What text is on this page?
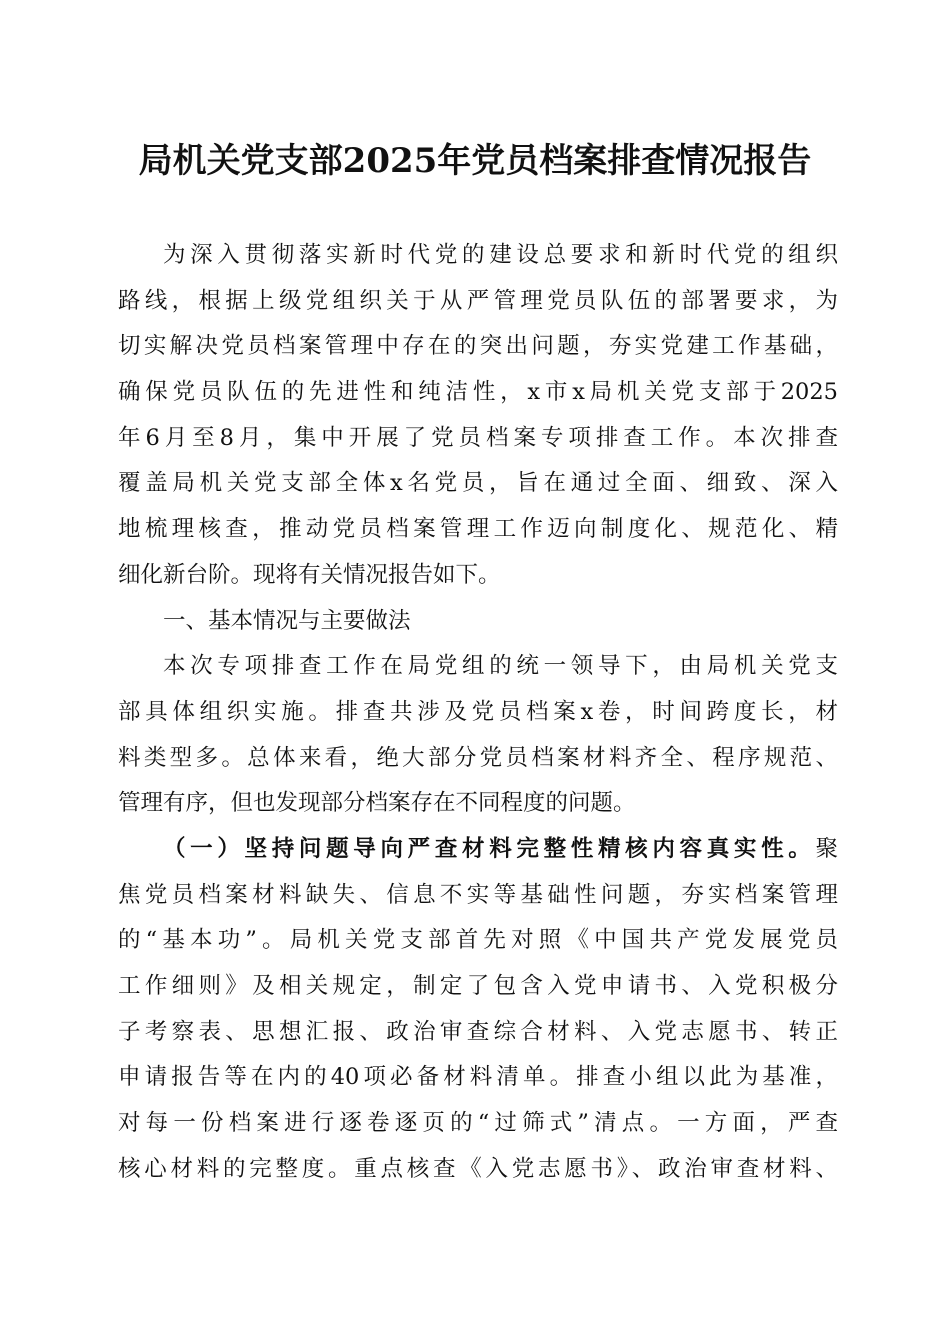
局机关党支部2025年党员档案排查情况报告
为深入贯彻落实新时代党的建设总要求和新时代党的组织
路线，根据上级党组织关于从严管理党员队伍的部署要求，为
切实解决党员档案管理中存在的突出问题，夯实党建工作基础，
确保党员队伍的先进性和纯洁性，x市x局机关党支部于2025
年6月至8月，集中开展了党员档案专项排查工作。本次排查
覆盖局机关党支部全体x名党员，旨在通过全面、细致、深入
地梳理核查，推动党员档案管理工作迈向制度化、规范化、精
细化新台阶。现将有关情况报告如下。
一、基本情况与主要做法
本次专项排查工作在局党组的统一领导下，由局机关党支
部具体组织实施。排查共涉及党员档案x卷，时间跨度长，材
料类型多。总体来看，绝大部分党员档案材料齐全、程序规范、
管理有序，但也发现部分档案存在不同程度的问题。
（一）坚持问题导向严查材料完整性精核内容真实性。聚
焦党员档案材料缺失、信息不实等基础性问题，夯实档案管理
的“基本功”。局机关党支部首先对照《中国共产党发展党员
工作细则》及相关规定，制定了包含入党申请书、入党积极分
子考察表、思想汇报、政治审查综合材料、入党志愿书、转正
申请报告等在内的40项必备材料清单。排查小组以此为基准，
对每一份档案进行逐卷逐页的“过筛式”清点。一方面，严查
核心材料的完整度。重点核查《入党志愿书》、政治审查材料、
